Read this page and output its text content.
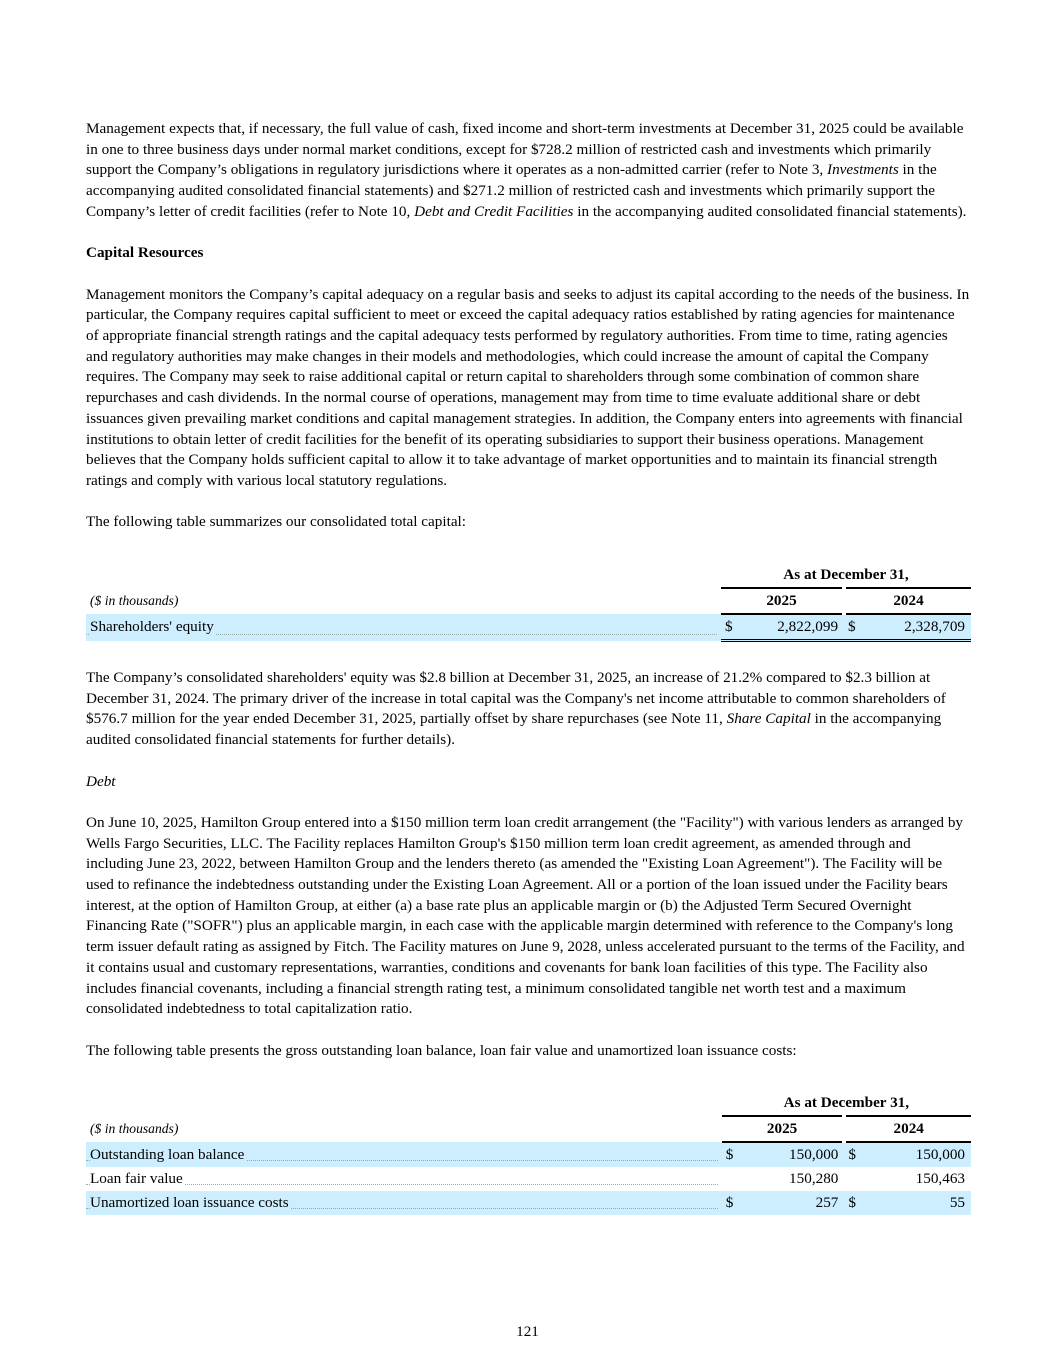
Management expects that, if necessary, the full value of cash, fixed income and short-term investments at December 31, 2025 could be available in one to three business days under normal market conditions, except for $728.2 million of restricted cash and investments which primarily support the Company’s obligations in regulatory jurisdictions where it operates as a non-admitted carrier (refer to Note 3, Investments in the accompanying audited consolidated financial statements) and $271.2 million of restricted cash and investments which primarily support the Company’s letter of credit facilities (refer to Note 10, Debt and Credit Facilities in the accompanying audited consolidated financial statements).

Capital Resources

Management monitors the Company’s capital adequacy on a regular basis and seeks to adjust its capital according to the needs of the business. In particular, the Company requires capital sufficient to meet or exceed the capital adequacy ratios established by rating agencies for maintenance of appropriate financial strength ratings and the capital adequacy tests performed by regulatory authorities. From time to time, rating agencies and regulatory authorities may make changes in their models and methodologies, which could increase the amount of capital the Company requires. The Company may seek to raise additional capital or return capital to shareholders through some combination of common share repurchases and cash dividends. In the normal course of operations, management may from time to time evaluate additional share or debt issuances given prevailing market conditions and capital management strategies. In addition, the Company enters into agreements with financial institutions to obtain letter of credit facilities for the benefit of its operating subsidiaries to support their business operations. Management believes that the Company holds sufficient capital to allow it to take advantage of market opportunities and to maintain its financial strength ratings and comply with various local statutory regulations.

The following table summarizes our consolidated total capital:

	As at December 31,			
($ in thousands)	2025		2024	

Shareholders' equity	$	2,822,099	$	2,328,709

The Company’s consolidated shareholders' equity was $2.8 billion at December 31, 2025, an increase of 21.2% compared to $2.3 billion at December 31, 2024. The primary driver of the increase in total capital was the Company's net income attributable to common shareholders of $576.7 million for the year ended December 31, 2025, partially offset by share repurchases (see Note 11, Share Capital in the accompanying audited consolidated financial statements for further details).

Debt

On June 10, 2025, Hamilton Group entered into a $150 million term loan credit arrangement (the "Facility") with various lenders as arranged by Wells Fargo Securities, LLC. The Facility replaces Hamilton Group's $150 million term loan credit agreement, as amended through and including June 23, 2022, between Hamilton Group and the lenders thereto (as amended the "Existing Loan Agreement"). The Facility will be used to refinance the indebtedness outstanding under the Existing Loan Agreement. All or a portion of the loan issued under the Facility bears interest, at the option of Hamilton Group, at either (a) a base rate plus an applicable margin or (b) the Adjusted Term Secured Overnight Financing Rate ("SOFR") plus an applicable margin, in each case with the applicable margin determined with reference to the Company's long term issuer default rating as assigned by Fitch. The Facility matures on June 9, 2028, unless accelerated pursuant to the terms of the Facility, and it contains usual and customary representations, warranties, conditions and covenants for bank loan facilities of this type. The Facility also includes financial covenants, including a financial strength rating test, a minimum consolidated tangible net worth test and a maximum consolidated indebtedness to total capitalization ratio.

The following table presents the gross outstanding loan balance, loan fair value and unamortized loan issuance costs:

	As at December 31,			
($ in thousands)	2025		2024	

Outstanding loan balance	$	150,000	$	150,000

Loan fair value		150,280		150,463

Unamortized loan issuance costs	$	257	$	55
121
